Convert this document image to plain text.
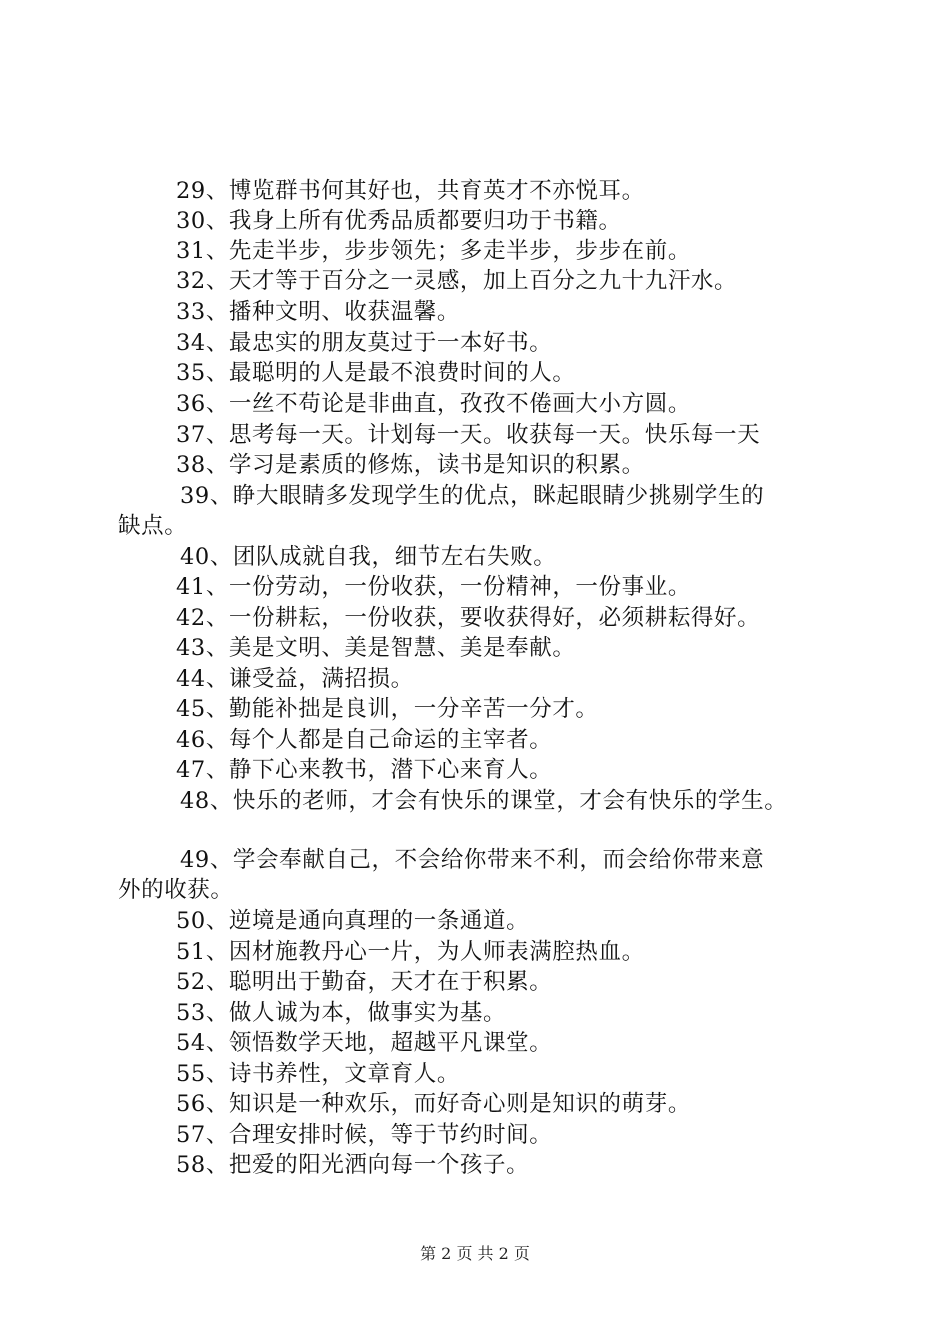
29、博览群书何其好也，共育英才不亦悦耳。
30、我身上所有优秀品质都要归功于书籍。
31、先走半步，步步领先；多走半步，步步在前。
32、天才等于百分之一灵感，加上百分之九十九汗水。
33、播种文明、收获温馨。
34、最忠实的朋友莫过于一本好书。
35、最聪明的人是最不浪费时间的人。
36、一丝不苟论是非曲直，孜孜不倦画大小方圆。
37、思考每一天。计划每一天。收获每一天。快乐每一天
38、学习是素质的修炼，读书是知识的积累。
39、睁大眼睛多发现学生的优点，眯起眼睛少挑剔学生的
缺点。
40、团队成就自我，细节左右失败。
41、一份劳动，一份收获，一份精神，一份事业。
42、一份耕耘，一份收获，要收获得好，必须耕耘得好。
43、美是文明、美是智慧、美是奉献。
44、谦受益，满招损。
45、勤能补拙是良训，一分辛苦一分才。
46、每个人都是自己命运的主宰者。
47、静下心来教书，潜下心来育人。
48、快乐的老师，才会有快乐的课堂，才会有快乐的学生。
49、学会奉献自己，不会给你带来不利，而会给你带来意
外的收获。
50、逆境是通向真理的一条通道。
51、因材施教丹心一片，为人师表满腔热血。
52、聪明出于勤奋，天才在于积累。
53、做人诚为本，做事实为基。
54、领悟数学天地，超越平凡课堂。
55、诗书养性，文章育人。
56、知识是一种欢乐，而好奇心则是知识的萌芽。
57、合理安排时候，等于节约时间。
58、把爱的阳光洒向每一个孩子。
第 2 页 共 2 页
